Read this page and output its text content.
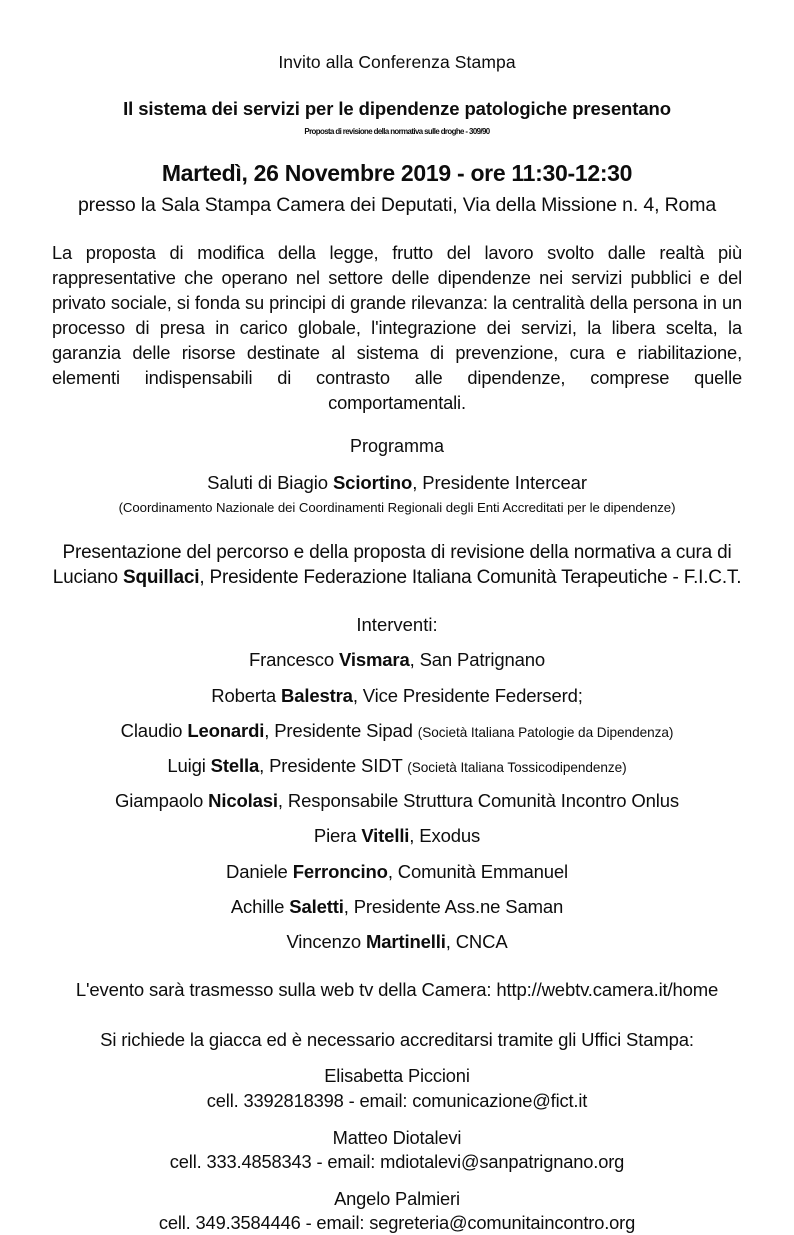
Invito alla Conferenza Stampa
Il sistema dei servizi per le dipendenze patologiche presentano
Proposta di revisione della normativa sulle droghe - 309/90
Martedì, 26 Novembre 2019 - ore 11:30-12:30
presso la Sala Stampa Camera dei Deputati, Via della Missione n. 4, Roma

La proposta di modifica della legge, frutto del lavoro svolto dalle realtà più rappresentative che operano nel settore delle dipendenze nei servizi pubblici e del privato sociale, si fonda su principi di grande rilevanza: la centralità della persona in un processo di presa in carico globale, l'integrazione dei servizi, la libera scelta, la garanzia delle risorse destinate al sistema di prevenzione, cura e riabilitazione, elementi indispensabili di contrasto alle dipendenze, comprese quelle comportamentali.

Programma
Saluti di Biagio Sciortino, Presidente Intercear
(Coordinamento Nazionale dei Coordinamenti Regionali degli Enti Accreditati per le dipendenze)
Presentazione del percorso e della proposta di revisione della normativa a cura di
Luciano Squillaci, Presidente Federazione Italiana Comunità Terapeutiche - F.I.C.T.
Interventi:
Francesco Vismara, San Patrignano
Roberta Balestra, Vice Presidente Federserd;
Claudio Leonardi, Presidente Sipad (Società Italiana Patologie da Dipendenza)
Luigi Stella, Presidente SIDT (Società Italiana Tossicodipendenze)
Giampaolo Nicolasi, Responsabile Struttura Comunità Incontro Onlus
Piera Vitelli, Exodus
Daniele Ferroncino, Comunità Emmanuel
Achille Saletti, Presidente Ass.ne Saman
Vincenzo Martinelli, CNCA
L'evento sarà trasmesso sulla web tv della Camera: http://webtv.camera.it/home
Si richiede la giacca ed è necessario accreditarsi tramite gli Uffici Stampa:
Elisabetta Piccioni
cell. 3392818398 - email: comunicazione@fict.it
Matteo Diotalevi
cell. 333.4858343 - email: mdiotalevi@sanpatrignano.org
Angelo Palmieri
cell. 349.3584446 - email: segreteria@comunitaincontro.org
